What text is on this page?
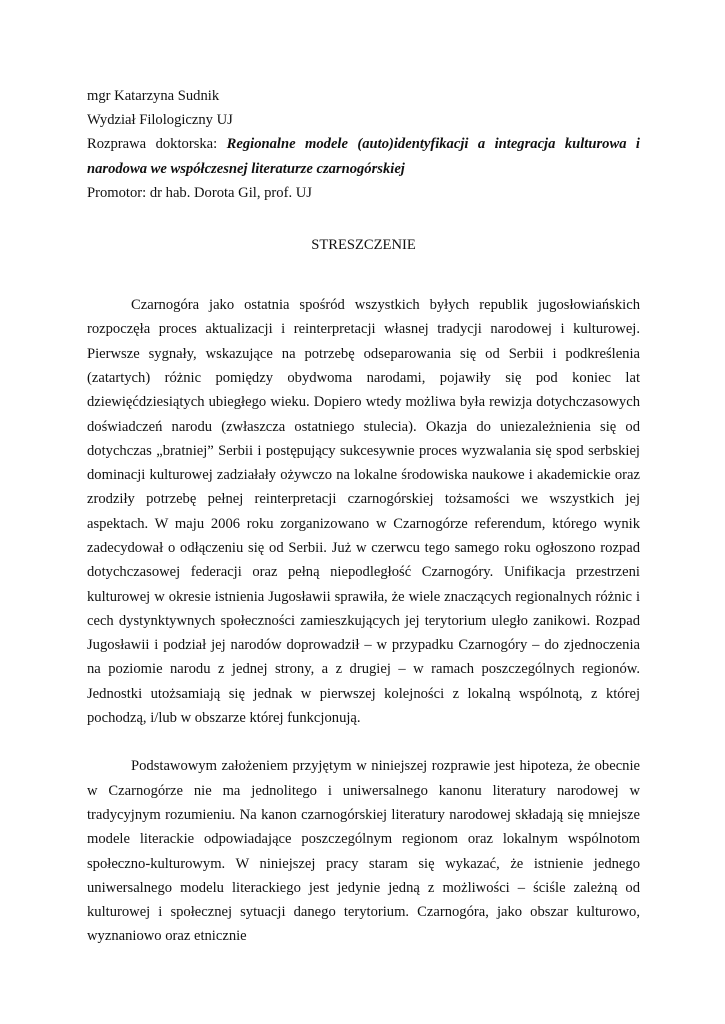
mgr Katarzyna Sudnik

Wydział Filologiczny UJ

Rozprawa doktorska: Regionalne modele (auto)identyfikacji a integracja kulturowa i narodowa we współczesnej literaturze czarnogórskiej

Promotor: dr hab. Dorota Gil, prof. UJ

STRESZCZENIE

Czarnogóra jako ostatnia spośród wszystkich byłych republik jugosłowiańskich rozpoczęła proces aktualizacji i reinterpretacji własnej tradycji narodowej i kulturowej. Pierwsze sygnały, wskazujące na potrzebę odseparowania się od Serbii i podkreślenia (zatartych) różnic pomiędzy obydwoma narodami, pojawiły się pod koniec lat dziewięćdziesiątych ubiegłego wieku. Dopiero wtedy możliwa była rewizja dotychczasowych doświadczeń narodu (zwłaszcza ostatniego stulecia). Okazja do uniezależnienia się od dotychczas „bratniej” Serbii i postępujący sukcesywnie proces wyzwalania się spod serbskiej dominacji kulturowej zadziałały ożywczo na lokalne środowiska naukowe i akademickie oraz zrodziły potrzebę pełnej reinterpretacji czarnogórskiej tożsamości we wszystkich jej aspektach. W maju 2006 roku zorganizowano w Czarnogórze referendum, którego wynik zadecydował o odłączeniu się od Serbii. Już w czerwcu tego samego roku ogłoszono rozpad dotychczasowej federacji oraz pełną niepodległość Czarnogóry. Unifikacja przestrzeni kulturowej w okresie istnienia Jugosławii sprawiła, że wiele znaczących regionalnych różnic i cech dystynktywnych społeczności zamieszkujących jej terytorium uległo zanikowi. Rozpad Jugosławii i podział jej narodów doprowadził – w przypadku Czarnogóry – do zjednoczenia na poziomie narodu z jednej strony, a z drugiej – w ramach poszczególnych regionów. Jednostki utożsamiają się jednak w pierwszej kolejności z lokalną wspólnotą, z której pochodzą, i/lub w obszarze której funkcjonują.

Podstawowym założeniem przyjętym w niniejszej rozprawie jest hipoteza, że obecnie w Czarnogórze nie ma jednolitego i uniwersalnego kanonu literatury narodowej w tradycyjnym rozumieniu. Na kanon czarnogórskiej literatury narodowej składają się mniejsze modele literackie odpowiadające poszczególnym regionom oraz lokalnym wspólnotom społeczno-kulturowym. W niniejszej pracy staram się wykazać, że istnienie jednego uniwersalnego modelu literackiego jest jedynie jedną z możliwości – ściśle zależną od kulturowej i społecznej sytuacji danego terytorium. Czarnogóra, jako obszar kulturowo, wyznaniowo oraz etnicznie
